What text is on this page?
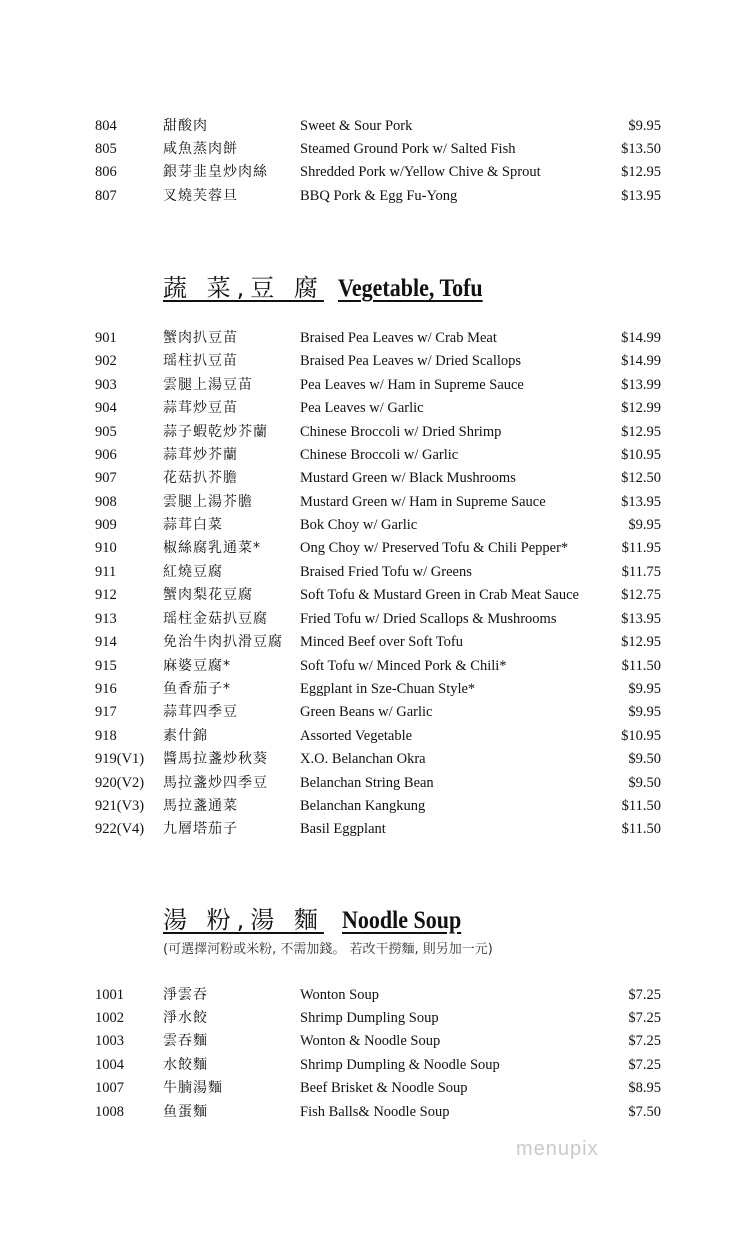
804	甜酸肉	Sweet & Sour Pork	$9.95
805	咸魚蒸肉餅	Steamed Ground Pork w/ Salted Fish	$13.50
806	銀芽韭皇炒肉絲 Shredded Pork w/Yellow Chive & Sprout	$12.95
807	叉燒芙蓉旦	BBQ Pork & Egg Fu-Yong	$13.95
蔬 菜,豆 腐 Vegetable, Tofu
901	蟹肉扒豆苗	Braised Pea Leaves w/ Crab Meat	$14.99
902	瑶柱扒豆苗	Braised Pea Leaves w/ Dried Scallops	$14.99
903	雲腿上湯豆苗	Pea Leaves w/ Ham in Supreme Sauce	$13.99
904	蒜茸炒豆苗	Pea Leaves w/ Garlic	$12.99
905	蒜子蝦乾炒芥蘭 Chinese Broccoli w/ Dried Shrimp	$12.95
906	蒜茸炒芥蘭	Chinese Broccoli w/ Garlic	$10.95
907	花菇扒芥膽	Mustard Green w/ Black Mushrooms	$12.50
908	雲腿上湯芥膽	Mustard Green w/ Ham in Supreme Sauce	$13.95
909	蒜茸白菜	Bok Choy w/ Garlic	$9.95
910	椒絲腐乳通菜*	Ong Choy w/ Preserved Tofu & Chili Pepper*	$11.95
911	紅燒豆腐	Braised Fried Tofu w/ Greens	$11.75
912	蟹肉梨花豆腐	Soft Tofu & Mustard Green in Crab Meat Sauce	$12.75
913	瑶柱金菇扒豆腐 Fried Tofu w/ Dried Scallops & Mushrooms	$13.95
914	免治牛肉扒滑豆腐 Minced Beef over Soft Tofu	$12.95
915	麻婆豆腐*	Soft Tofu w/ Minced Pork & Chili*	$11.50
916	鱼香茄子*	Eggplant in Sze-Chuan Style*	$9.95
917	蒜茸四季豆	Green Beans w/ Garlic	$9.95
918	素什錦	Assorted Vegetable	$10.95
919(V1) 醬馬拉盞炒秋葵 X.O. Belanchan Okra	$9.50
920(V2) 馬拉盞炒四季豆 Belanchan String Bean	$9.50
921(V3) 馬拉盞通菜	Belanchan Kangkung	$11.50
922(V4) 九層塔茄子	Basil Eggplant	$11.50
湯 粉,湯 麵 Noodle Soup
(可選擇河粉或米粉, 不需加錢。 若改干撈麵, 則另加一元)
1001	淨雲吞	Wonton Soup	$7.25
1002	淨水餃	Shrimp Dumpling Soup	$7.25
1003	雲吞麵	Wonton & Noodle Soup	$7.25
1004	水餃麵	Shrimp Dumpling & Noodle Soup	$7.25
1007	牛腩湯麵	Beef Brisket & Noodle Soup	$8.95
1008	鱼蛋麵	Fish Balls& Noodle Soup	$7.50
menupix
